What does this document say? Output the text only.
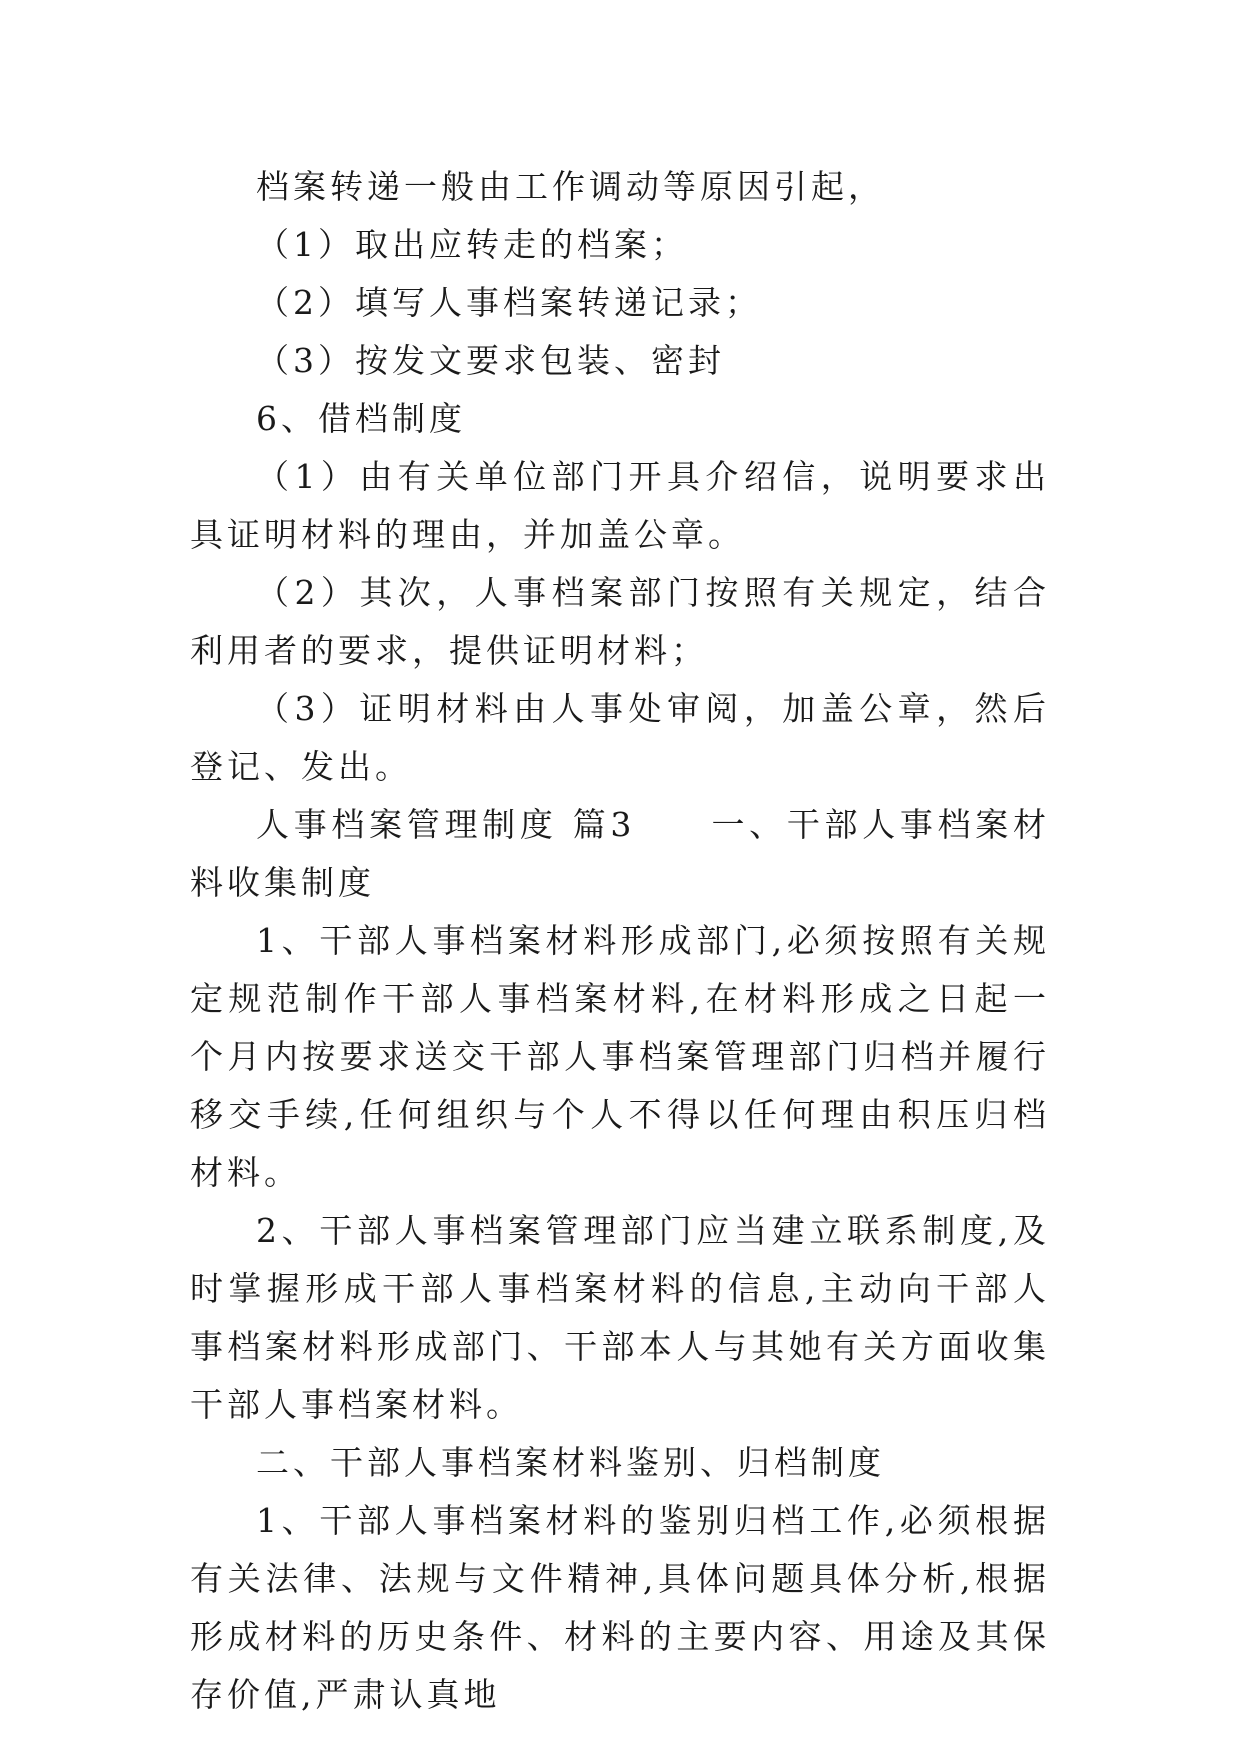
档案转递一般由工作调动等原因引起，

（1）取出应转走的档案；

（2）填写人事档案转递记录；

（3）按发文要求包装、密封

6、借档制度

（1）由有关单位部门开具介绍信，说明要求出具证明材料的理由，并加盖公章。

（2）其次，人事档案部门按照有关规定，结合利用者的要求，提供证明材料；

（3）证明材料由人事处审阅，加盖公章，然后登记、发出。

人事档案管理制度 篇3　　一、干部人事档案材料收集制度

1、干部人事档案材料形成部门,必须按照有关规定规范制作干部人事档案材料,在材料形成之日起一个月内按要求送交干部人事档案管理部门归档并履行移交手续,任何组织与个人不得以任何理由积压归档材料。

2、干部人事档案管理部门应当建立联系制度,及时掌握形成干部人事档案材料的信息,主动向干部人事档案材料形成部门、干部本人与其她有关方面收集干部人事档案材料。

二、干部人事档案材料鉴别、归档制度

1、干部人事档案材料的鉴别归档工作,必须根据有关法律、法规与文件精神,具体问题具体分析,根据形成材料的历史条件、材料的主要内容、用途及其保存价值,严肃认真地
